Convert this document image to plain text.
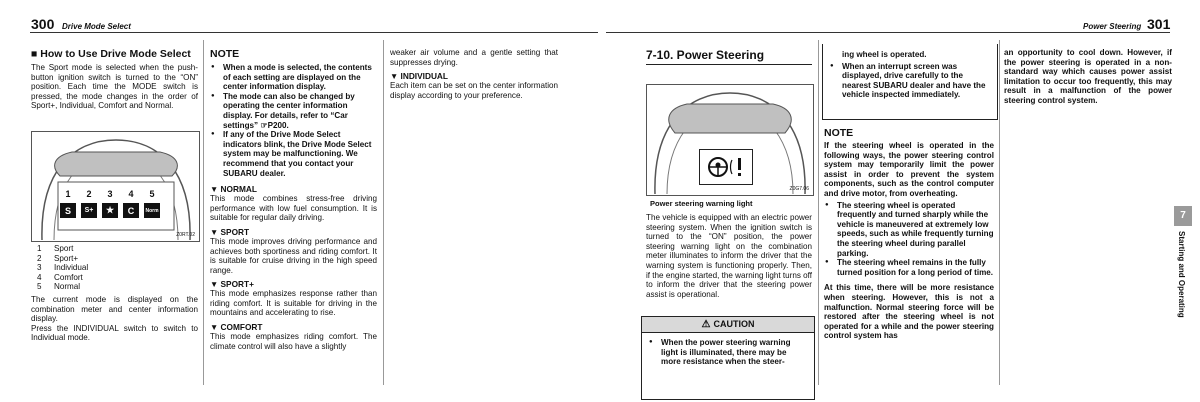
300 Drive Mode Select
■ How to Use Drive Mode Select
The Sport mode is selected when the push-button ignition switch is turned to the “ON” position. Each time the MODE switch is pressed, the mode changes in the order of Sport+, Individual, Comfort and Normal.
1	2	3	4	5
S	S+	★	C	Norm
Z0RT.02
1 Sport
2 Sport+
3 Individual
4 Comfort
5 Normal
The current mode is displayed on the combination meter and center information display.
Press the INDIVIDUAL switch to switch to Individual mode.
NOTE
● When a mode is selected, the contents of each setting are displayed on the center information display.
● The mode can also be changed by operating the center information display. For details, refer to “Car settings” ☞P200.
● If any of the Drive Mode Select indicators blink, the Drive Mode Select system may be malfunctioning. We recommend that you contact your SUBARU dealer.
▼ NORMAL
This mode combines stress-free driving performance with low fuel consumption. It is suitable for regular daily driving.
▼ SPORT
This mode improves driving performance and achieves both sportiness and riding comfort. It is suitable for cruise driving in the high speed range.
▼ SPORT+
This mode emphasizes response rather than riding comfort. It is suitable for driving in the mountains and accelerating to rise.
▼ COMFORT
This mode emphasizes riding comfort. The climate control will also have a slightly
weaker air volume and a gentle setting that suppresses drying.
▼ INDIVIDUAL
Each item can be set on the center information display according to your preference.
Power Steering 301
7-10. Power Steering
Z0G7.06
Power steering warning light
The vehicle is equipped with an electric power steering system. When the ignition switch is turned to the “ON” position, the power steering warning light on the combination meter illuminates to inform the driver that the warning system is functioning properly. Then, if the engine started, the warning light turns off to inform the driver that the steering power assist is operational.
⚠ CAUTION
● When the power steering warning light is illuminated, there may be more resistance when the steer-
ing wheel is operated.
● When an interrupt screen was displayed, drive carefully to the nearest SUBARU dealer and have the vehicle inspected immediately.
NOTE
If the steering wheel is operated in the following ways, the power steering control system may temporarily limit the power assist in order to prevent the system components, such as the control computer and drive motor, from overheating.
● The steering wheel is operated frequently and turned sharply while the vehicle is maneuvered at extremely low speeds, such as while frequently turning the steering wheel during parallel parking.
● The steering wheel remains in the fully turned position for a long period of time.
At this time, there will be more resistance when steering. However, this is not a malfunction. Normal steering force will be restored after the steering wheel is not operated for a while and the power steering control system has
an opportunity to cool down. However, if the power steering is operated in a non-standard way which causes power assist limitation to occur too frequently, this may result in a malfunction of the power steering control system.
7
Starting and Operating
